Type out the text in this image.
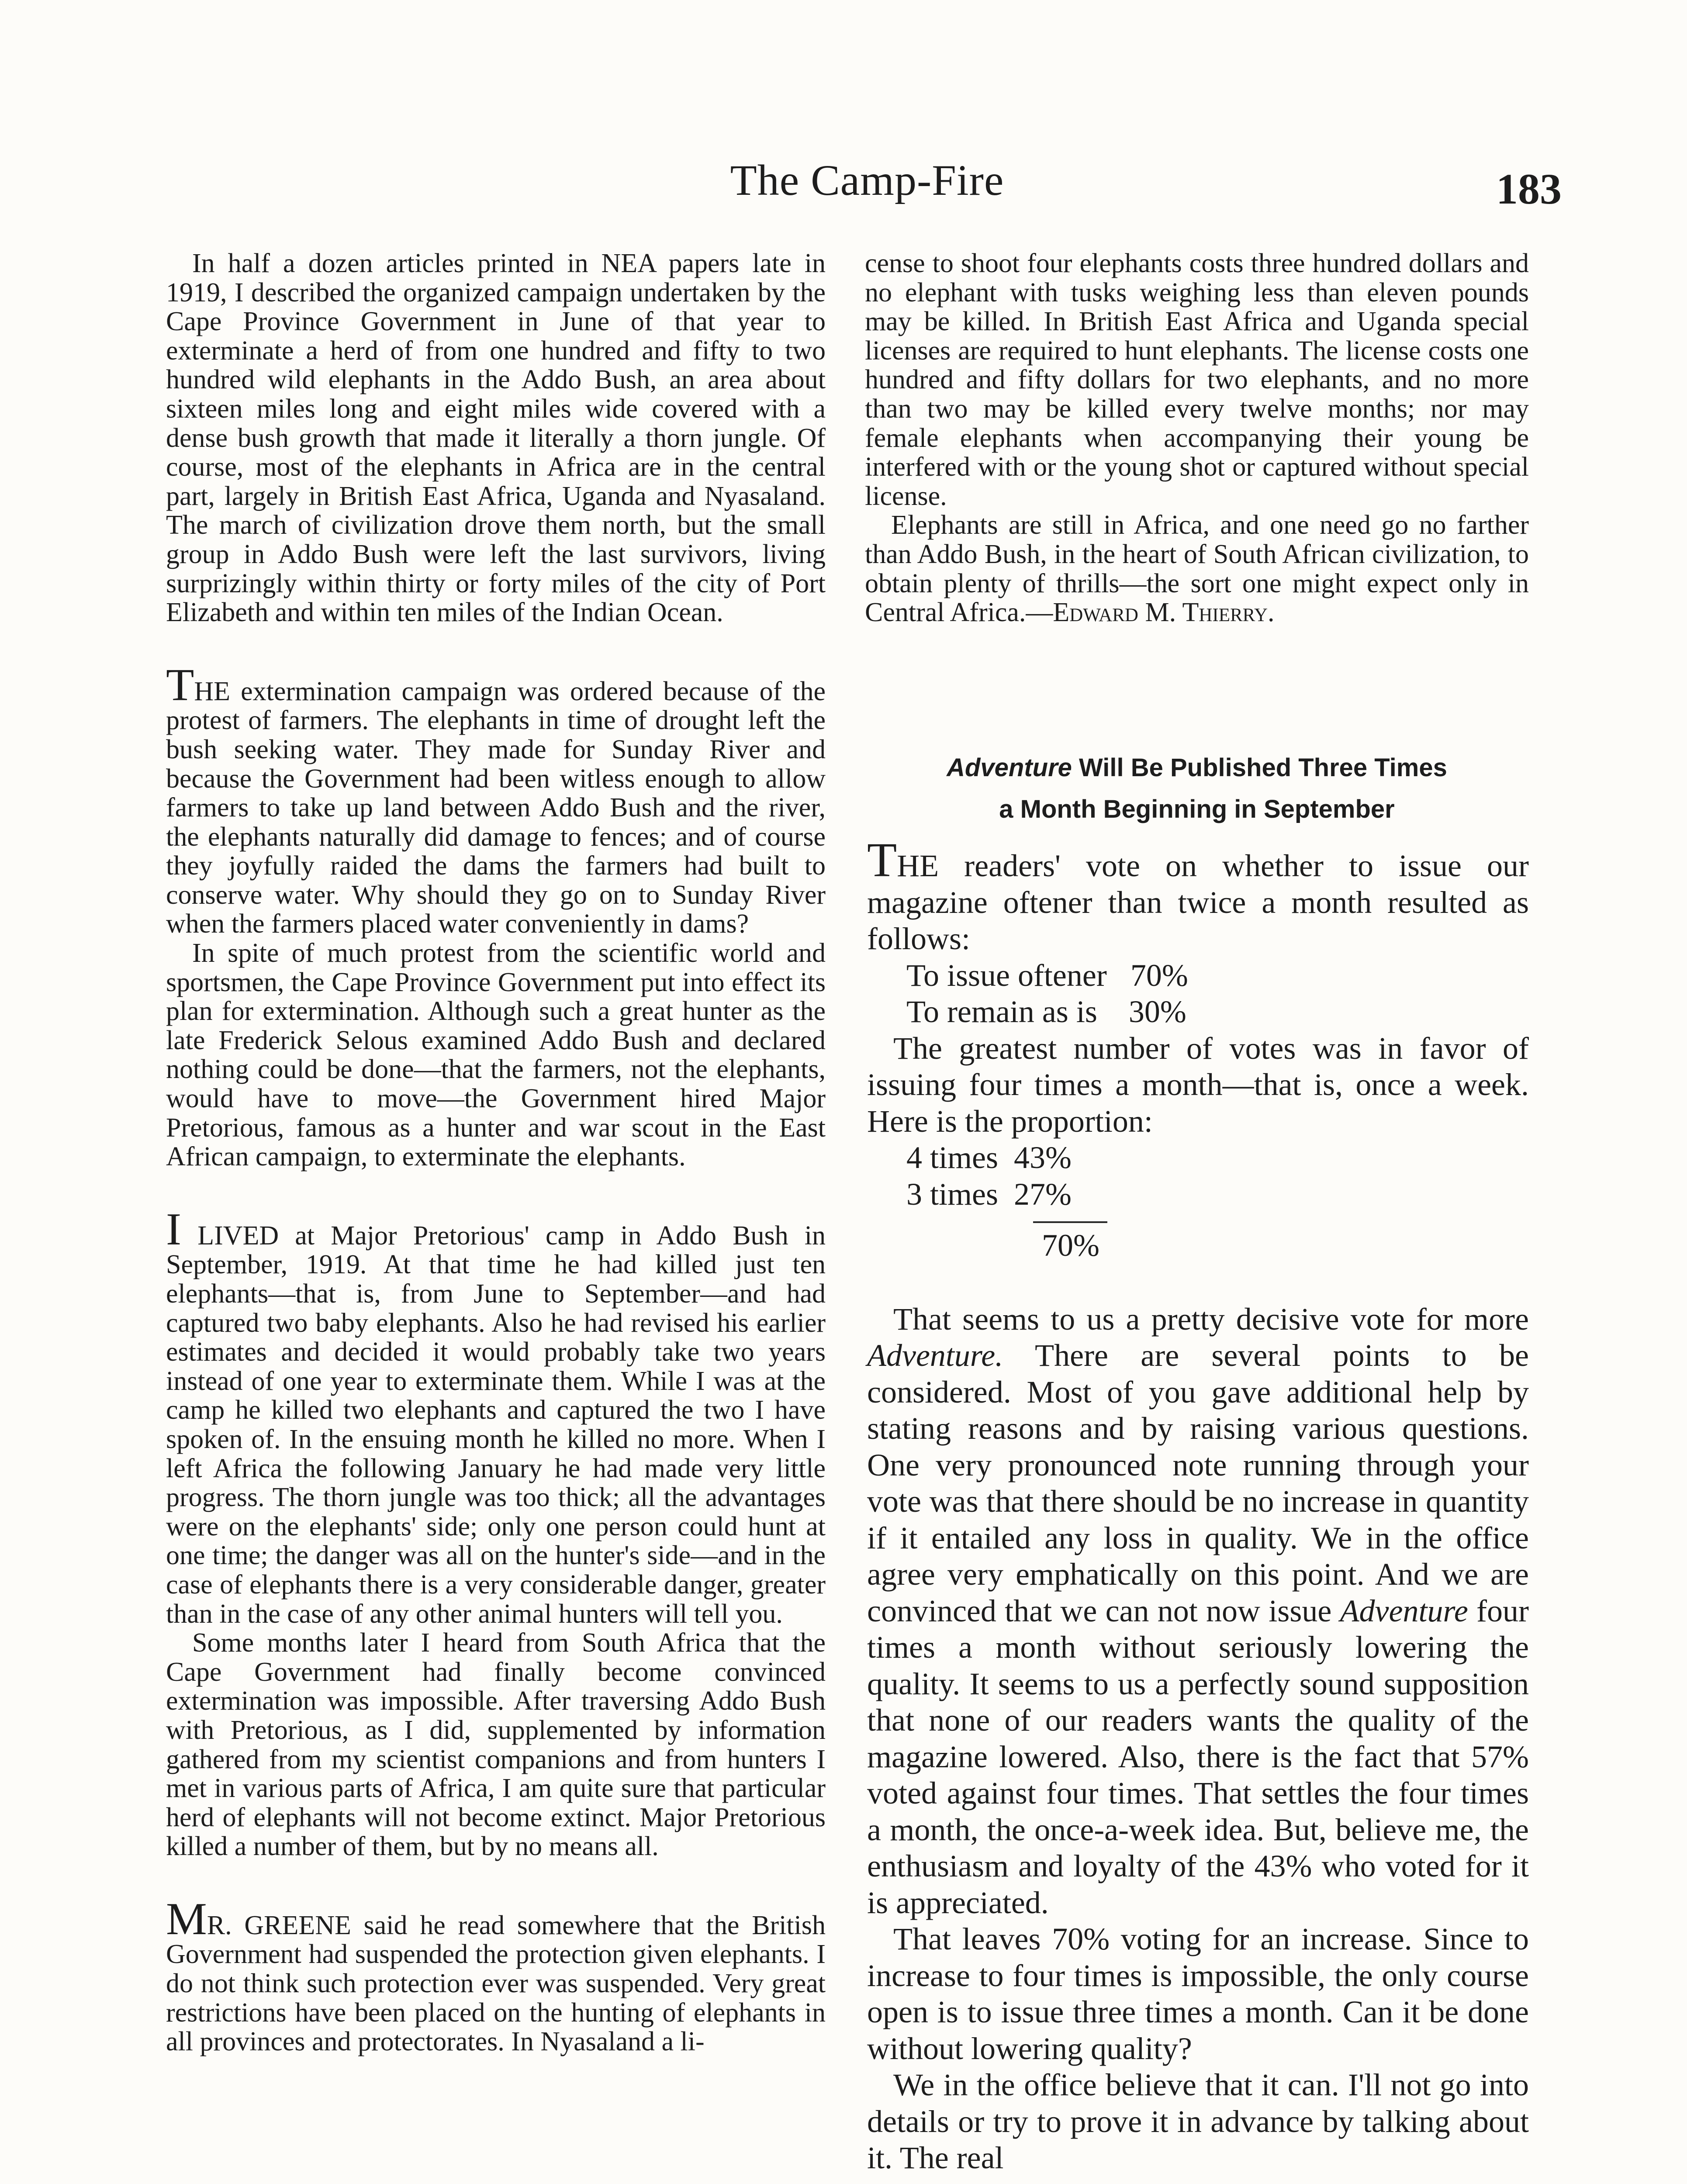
The Camp-Fire	183

In half a dozen articles printed in NEA papers late in 1919, I described the organized campaign undertaken by the Cape Province Government in June of that year to exterminate a herd of from one hundred and fifty to two hundred wild elephants in the Addo Bush, an area about sixteen miles long and eight miles wide covered with a dense bush growth that made it literally a thorn jungle. Of course, most of the elephants in Africa are in the central part, largely in British East Africa, Uganda and Nyasaland. The march of civilization drove them north, but the small group in Addo Bush were left the last survivors, living surprizingly within thirty or forty miles of the city of Port Elizabeth and within ten miles of the Indian Ocean.

THE extermination campaign was ordered because of the protest of farmers. The elephants in time of drought left the bush seeking water. They made for Sunday River and because the Government had been witless enough to allow farmers to take up land between Addo Bush and the river, the elephants naturally did damage to fences; and of course they joyfully raided the dams the farmers had built to conserve water. Why should they go on to Sunday River when the farmers placed water conveniently in dams?

In spite of much protest from the scientific world and sportsmen, the Cape Province Government put into effect its plan for extermination. Although such a great hunter as the late Frederick Selous examined Addo Bush and declared nothing could be done—that the farmers, not the elephants, would have to move—the Government hired Major Pretorious, famous as a hunter and war scout in the East African campaign, to exterminate the elephants.

I LIVED at Major Pretorious' camp in Addo Bush in September, 1919. At that time he had killed just ten elephants—that is, from June to September—and had captured two baby elephants. Also he had revised his earlier estimates and decided it would probably take two years instead of one year to exterminate them. While I was at the camp he killed two elephants and captured the two I have spoken of. In the ensuing month he killed no more. When I left Africa the following January he had made very little progress. The thorn jungle was too thick; all the advantages were on the elephants' side; only one person could hunt at one time; the danger was all on the hunter's side—and in the case of elephants there is a very considerable danger, greater than in the case of any other animal hunters will tell you.

Some months later I heard from South Africa that the Cape Government had finally become convinced extermination was impossible. After traversing Addo Bush with Pretorious, as I did, supplemented by information gathered from my scientist companions and from hunters I met in various parts of Africa, I am quite sure that particular herd of elephants will not become extinct. Major Pretorious killed a number of them, but by no means all.

MR. GREENE said he read somewhere that the British Government had suspended the protection given elephants. I do not think such protection ever was suspended. Very great restrictions have been placed on the hunting of elephants in all provinces and protectorates. In Nyasaland a li-

cense to shoot four elephants costs three hundred dollars and no elephant with tusks weighing less than eleven pounds may be killed. In British East Africa and Uganda special licenses are required to hunt elephants. The license costs one hundred and fifty dollars for two elephants, and no more than two may be killed every twelve months; nor may female elephants when accompanying their young be interfered with or the young shot or captured without special license.

Elephants are still in Africa, and one need go no farther than Addo Bush, in the heart of South African civilization, to obtain plenty of thrills—the sort one might expect only in Central Africa.—Edward M. Thierry.

Adventure Will Be Published Three Times
a Month Beginning in September

THE readers' vote on whether to issue our magazine oftener than twice a month resulted as follows:

To issue oftener   70%
To remain as is    30%

The greatest number of votes was in favor of issuing four times a month—that is, once a week. Here is the proportion:

4 times  43%
3 times  27%
70%

That seems to us a pretty decisive vote for more Adventure. There are several points to be considered. Most of you gave additional help by stating reasons and by raising various questions. One very pronounced note running through your vote was that there should be no increase in quantity if it entailed any loss in quality. We in the office agree very emphatically on this point. And we are convinced that we can not now issue Adventure four times a month without seriously lowering the quality. It seems to us a perfectly sound supposition that none of our readers wants the quality of the magazine lowered. Also, there is the fact that 57% voted against four times. That settles the four times a month, the once-a-week idea. But, believe me, the enthusiasm and loyalty of the 43% who voted for it is appreciated.

That leaves 70% voting for an increase. Since to increase to four times is impossible, the only course open is to issue three times a month. Can it be done without lowering quality?

We in the office believe that it can. I'll not go into details or try to prove it in advance by talking about it. The real
